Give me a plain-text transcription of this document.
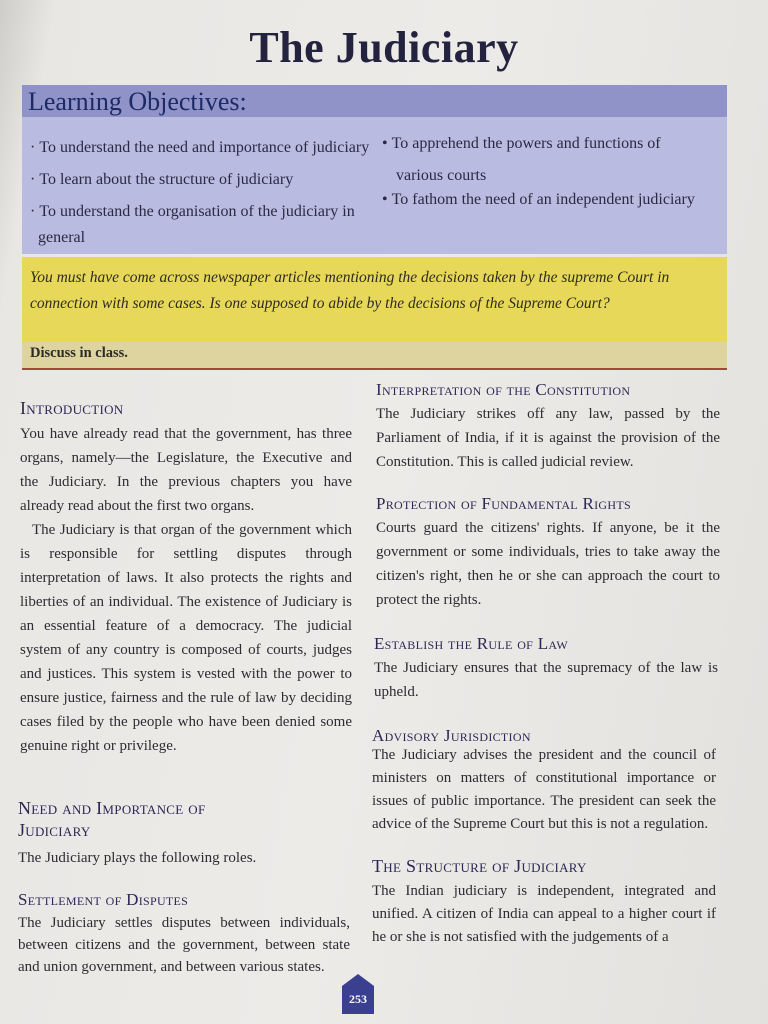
The Judiciary
Learning Objectives:
· To understand the need and importance of judiciary
· To learn about the structure of judiciary
· To understand the organisation of the judiciary in
general
• To apprehend the powers and functions of
various courts
• To fathom the need of an independent judiciary
You must have come across newspaper articles mentioning the decisions taken by the supreme Court in connection with some cases. Is one supposed to abide by the decisions of the Supreme Court?
Discuss in class.
Introduction
You have already read that the government, has three organs, namely—the Legislature, the Executive and the Judiciary. In the previous chapters you have already read about the first two organs.
The Judiciary is that organ of the government which is responsible for settling disputes through interpretation of laws. It also protects the rights and liberties of an individual. The existence of Judiciary is an essential feature of a democracy. The judicial system of any country is composed of courts, judges and justices. This system is vested with the power to ensure justice, fairness and the rule of law by deciding cases filed by the people who have been denied some genuine right or privilege.
Need and Importance of
Judiciary
The Judiciary plays the following roles.
Settlement of Disputes
The Judiciary settles disputes between individuals, between citizens and the government, between state and union government, and between various states.
Interpretation of the Constitution
The Judiciary strikes off any law, passed by the Parliament of India, if it is against the provision of the Constitution. This is called judicial review.
Protection of Fundamental Rights
Courts guard the citizens' rights. If anyone, be it the government or some individuals, tries to take away the citizen's right, then he or she can approach the court to protect the rights.
Establish the Rule of Law
The Judiciary ensures that the supremacy of the law is upheld.
Advisory Jurisdiction
The Judiciary advises the president and the council of ministers on matters of constitutional importance or issues of public importance. The president can seek the advice of the Supreme Court but this is not a regulation.
The Structure of Judiciary
The Indian judiciary is independent, integrated and unified. A citizen of India can appeal to a higher court if he or she is not satisfied with the judgements of a
253
